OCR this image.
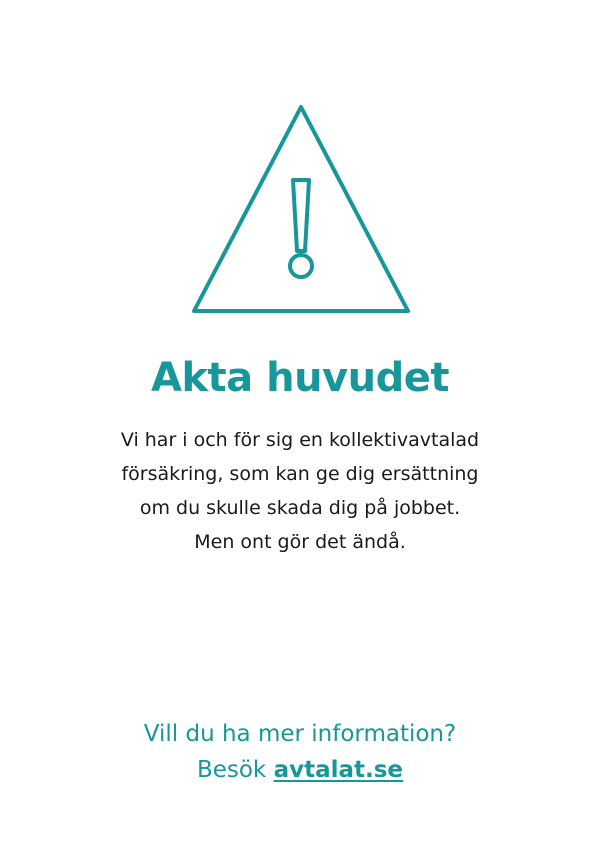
Akta huvudet
Vi har i och för sig en kollektivavtalad
försäkring, som kan ge dig ersättning
om du skulle skada dig på jobbet.
Men ont gör det ändå.
Vill du ha mer information?
Besök avtalat.se
